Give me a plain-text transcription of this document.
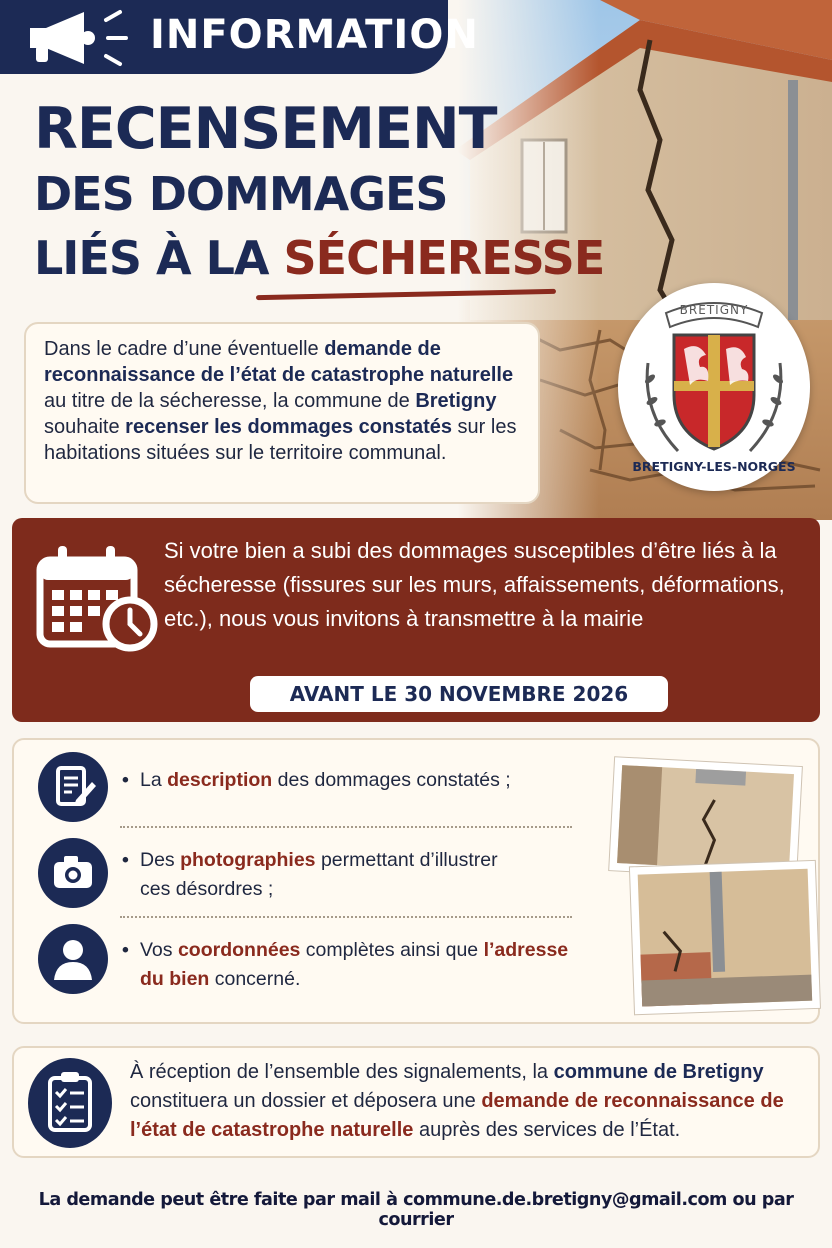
INFORMATION
RECENSEMENT
DES DOMMAGES
LIÉS À LA SÉCHERESSE
Dans le cadre d’une éventuelle demande de reconnaissance de l’état de catastrophe naturelle au titre de la sécheresse, la commune de Bretigny souhaite recenser les dommages constatés sur les habitations situées sur le territoire communal.
BRETIGNY
BRETIGNY-LES-NORGES

Si votre bien a subi des dommages susceptibles d’être liés à la sécheresse (fissures sur les murs, affaissements, déformations, etc.), nous vous invitons à transmettre à la mairie

AVANT LE 30 NOVEMBRE 2026
• La description des dommages constatés ;
• Des photographies permettant d’illustrer
ces désordres ;
• Vos coordonnées complètes ainsi que l’adresse
du bien concerné.

À réception de l’ensemble des signalements, la commune de Bretigny constituera un dossier et déposera une demande de reconnaissance de l’état de catastrophe naturelle auprès des services de l’État.

La demande peut être faite par mail à commune.de.bretigny@gmail.com ou par courrier
